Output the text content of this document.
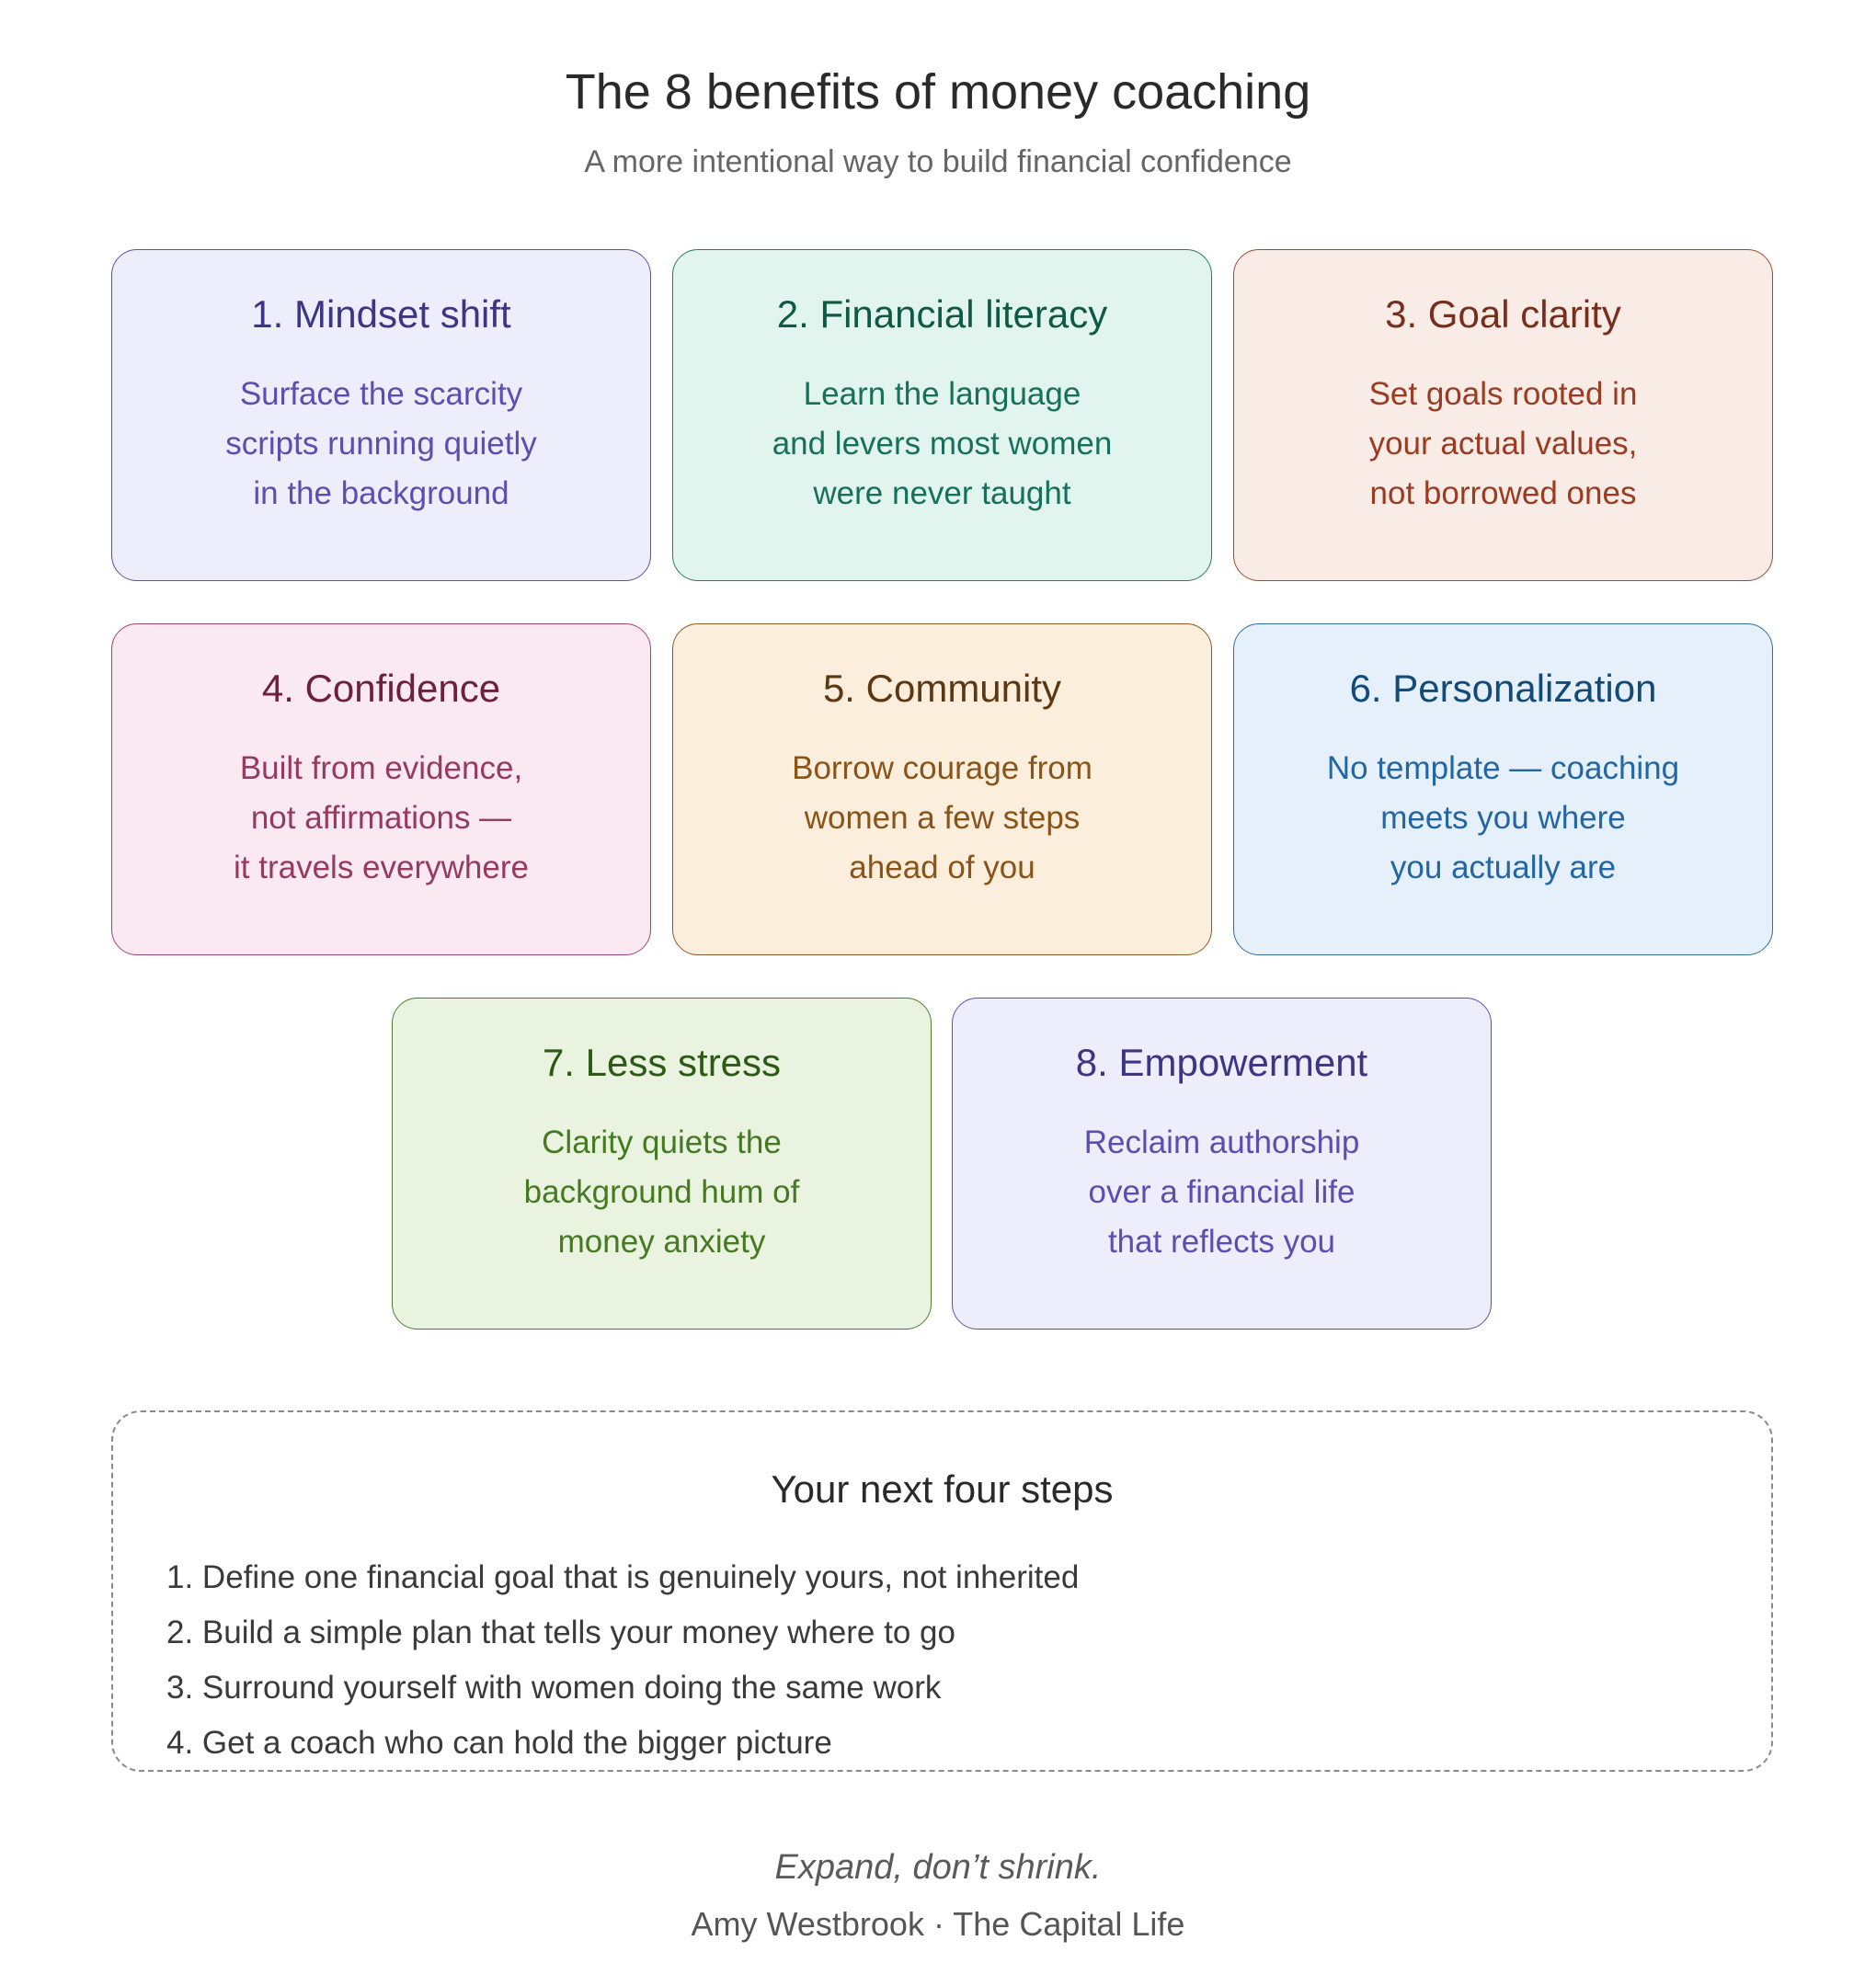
The 8 benefits of money coaching
A more intentional way to build financial confidence
1. Mindset shift
Surface the scarcity
scripts running quietly
in the background
2. Financial literacy
Learn the language
and levers most women
were never taught
3. Goal clarity
Set goals rooted in
your actual values,
not borrowed ones
4. Confidence
Built from evidence,
not affirmations —
it travels everywhere
5. Community
Borrow courage from
women a few steps
ahead of you
6. Personalization
No template — coaching
meets you where
you actually are
7. Less stress
Clarity quiets the
background hum of
money anxiety
8. Empowerment
Reclaim authorship
over a financial life
that reflects you
Your next four steps
1. Define one financial goal that is genuinely yours, not inherited
2. Build a simple plan that tells your money where to go
3. Surround yourself with women doing the same work
4. Get a coach who can hold the bigger picture
Expand, don’t shrink.
Amy Westbrook · The Capital Life
